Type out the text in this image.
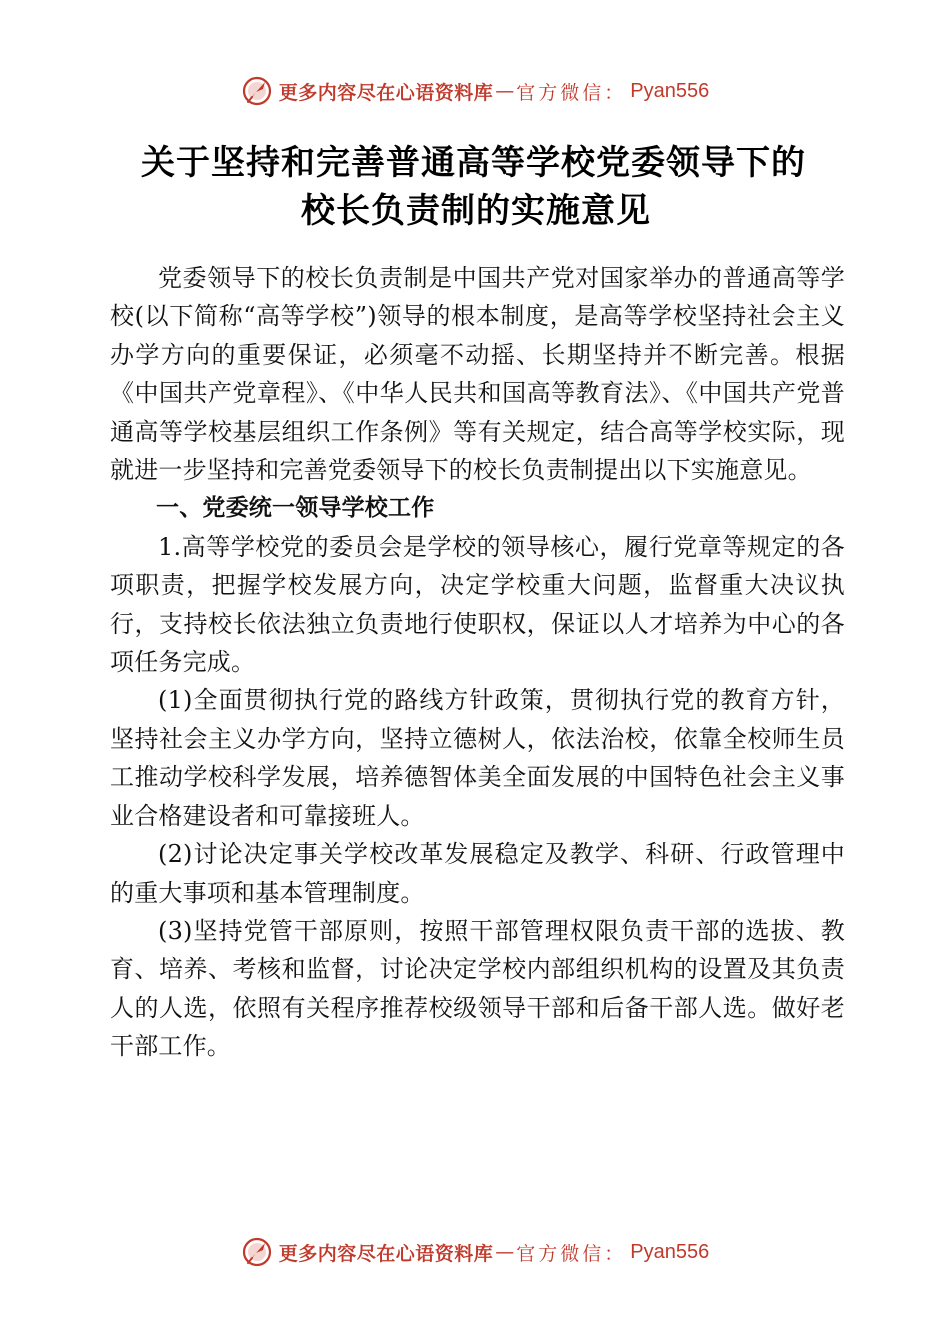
更多内容尽在心语资料库 — 官方微信： Pyan556
关于坚持和完善普通高等学校党委领导下的
校长负责制的实施意见

党委领导下的校长负责制是中国共产党对国家举办的普通高等学校(以下简称“高等学校”)领导的根本制度，是高等学校坚持社会主义办学方向的重要保证，必须毫不动摇、长期坚持并不断完善。根据《中国共产党章程》、《中华人民共和国高等教育法》、《中国共产党普通高等学校基层组织工作条例》等有关规定，结合高等学校实际，现就进一步坚持和完善党委领导下的校长负责制提出以下实施意见。

一、党委统一领导学校工作

1.高等学校党的委员会是学校的领导核心，履行党章等规定的各项职责，把握学校发展方向，决定学校重大问题，监督重大决议执行，支持校长依法独立负责地行使职权，保证以人才培养为中心的各项任务完成。

(1)全面贯彻执行党的路线方针政策，贯彻执行党的教育方针，坚持社会主义办学方向，坚持立德树人，依法治校，依靠全校师生员工推动学校科学发展，培养德智体美全面发展的中国特色社会主义事业合格建设者和可靠接班人。

(2)讨论决定事关学校改革发展稳定及教学、科研、行政管理中的重大事项和基本管理制度。

(3)坚持党管干部原则，按照干部管理权限负责干部的选拔、教育、培养、考核和监督，讨论决定学校内部组织机构的设置及其负责人的人选，依照有关程序推荐校级领导干部和后备干部人选。做好老干部工作。

更多内容尽在心语资料库 — 官方微信： Pyan556
